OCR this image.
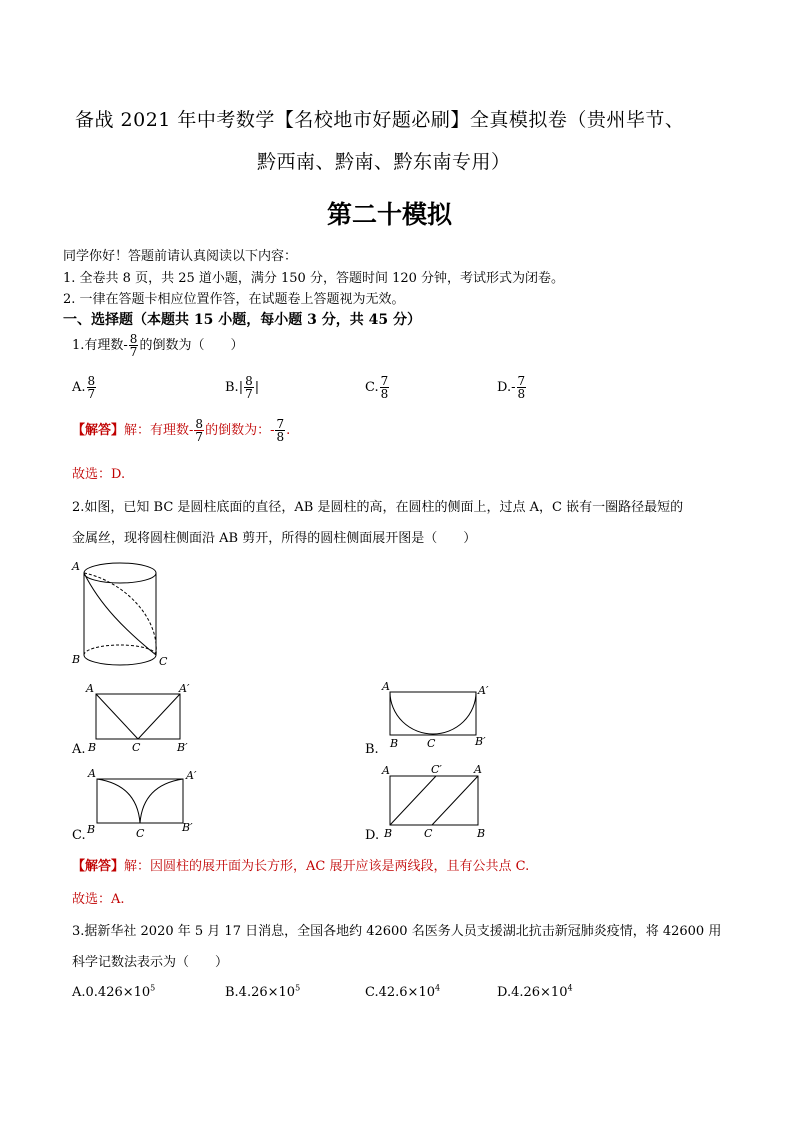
备战 2021 年中考数学【名校地市好题必刷】全真模拟卷（贵州毕节、
黔西南、黔南、黔东南专用）
第二十模拟
同学你好！答题前请认真阅读以下内容：
1. 全卷共 8 页，共 25 道小题，满分 150 分，答题时间 120 分钟，考试形式为闭卷。
2. 一律在答题卡相应位置作答，在试题卷上答题视为无效。
一、选择题（本题共 15 小题，每小题 3 分，共 45 分）
1.有理数- $\frac{8}{7}$ 的倒数为（　　）
A. $\frac{8}{7}$	$B.| \frac{8}{7}$ |	C. $\frac{7}{8}$	$D.- \frac{7}{8}$
【解答】解：有理数- $\frac{8}{7}$ 的倒数为：- $\frac{7}{8}$ .
故选：D.
2.如图，已知 BC 是圆柱底面的直径，AB 是圆柱的高，在圆柱的侧面上，过点 A，C 嵌有一圈路径最短的
金属丝，现将圆柱侧面沿 AB 剪开，所得的圆柱侧面展开图是（　　）
A
B	C
A.
A	A′
B	C	B′	B.
A	A′
B	C	B′
C.
A	A′
B	C	B′
D.
A	C′	A
B	C	B
【解答】解：因圆柱的展开面为长方形，AC 展开应该是两线段，且有公共点 C.
故选：A.
3.据新华社 2020 年 5 月 17 日消息，全国各地约 42600 名医务人员支援湖北抗击新冠肺炎疫情，将 42600 用
科学记数法表示为（　　）
$A.0.426\times 10^5$	$B.4.26\times 10^5$	$C.42.6\times 10^4$	$D.4.26\times 10^4$
